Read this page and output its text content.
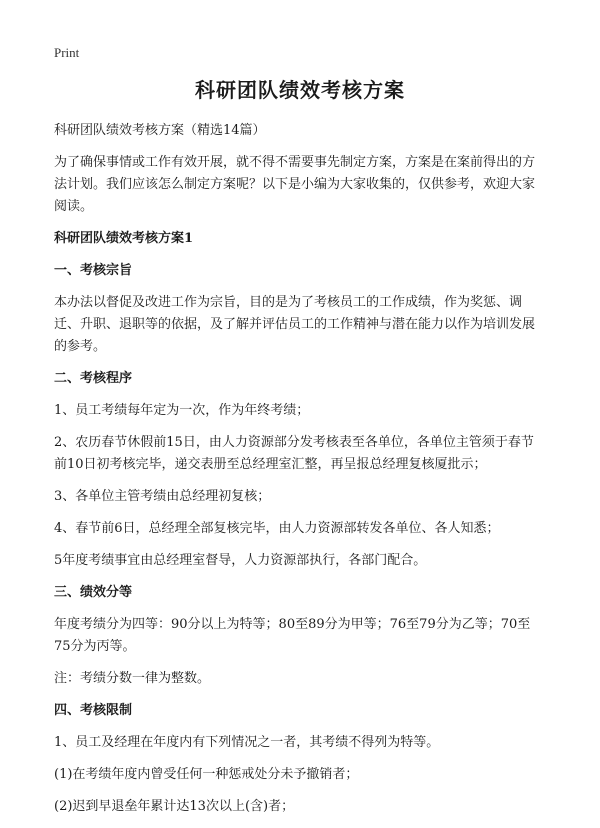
Print
科研团队绩效考核方案

科研团队绩效考核方案（精选14篇）

为了确保事情或工作有效开展，就不得不需要事先制定方案，方案是在案前得出的方法计划。我们应该怎么制定方案呢？以下是小编为大家收集的，仅供参考，欢迎大家阅读。

科研团队绩效考核方案1

一、考核宗旨

本办法以督促及改进工作为宗旨，目的是为了考核员工的工作成绩，作为奖惩、调迁、升职、退职等的依据，及了解并评估员工的工作精神与潜在能力以作为培训发展的参考。

二、考核程序

1、员工考绩每年定为一次，作为年终考绩；

2、农历春节休假前15日，由人力资源部分发考核表至各单位，各单位主管须于春节前10日初考核完毕，递交表册至总经理室汇整，再呈报总经理复核厦批示；

3、各单位主管考绩由总经理初复核；

4、春节前6日，总经理全部复核完毕，由人力资源部转发各单位、各人知悉；

5年度考绩事宜由总经理室督导，人力资源部执行，各部门配合。

三、绩效分等

年度考绩分为四等：90分以上为特等；80至89分为甲等；76至79分为乙等；70至75分为丙等。

注：考绩分数一律为整数。

四、考核限制

1、员工及经理在年度内有下列情况之一者，其考绩不得列为特等。

(1)在考绩年度内曾受任何一种惩戒处分未予撤销者；

(2)迟到早退垒年累计达13次以上(含)者；
